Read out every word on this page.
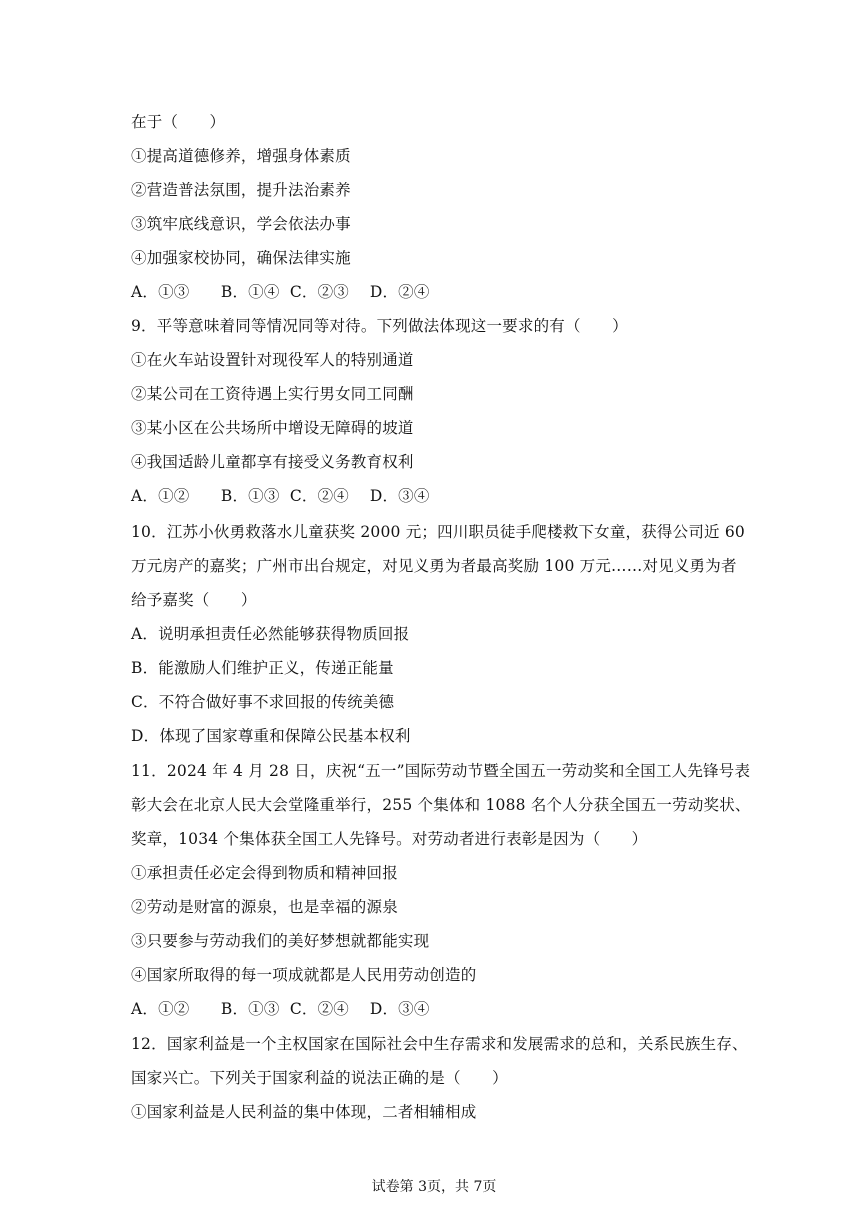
在于（　　）
①提高道德修养，增强身体素质
②营造普法氛围，提升法治素养
③筑牢底线意识，学会依法办事
④加强家校协同，确保法律实施
A．①③　　B．①④  C．②③　 D．②④
9．平等意味着同等情况同等对待。下列做法体现这一要求的有（　　）
①在火车站设置针对现役军人的特别通道
②某公司在工资待遇上实行男女同工同酬
③某小区在公共场所中增设无障碍的坡道
④我国适龄儿童都享有接受义务教育权利
A．①②　　B．①③  C．②④　 D．③④
10．江苏小伙勇救落水儿童获奖 2000 元；四川职员徒手爬楼救下女童，获得公司近 60
万元房产的嘉奖；广州市出台规定，对见义勇为者最高奖励 100 万元……对见义勇为者
给予嘉奖（　　）
A．说明承担责任必然能够获得物质回报
B．能激励人们维护正义，传递正能量
C．不符合做好事不求回报的传统美德
D．体现了国家尊重和保障公民基本权利
11．2024 年 4 月 28 日，庆祝“五一”国际劳动节暨全国五一劳动奖和全国工人先锋号表
彰大会在北京人民大会堂隆重举行，255 个集体和 1088 名个人分获全国五一劳动奖状、
奖章，1034 个集体获全国工人先锋号。对劳动者进行表彰是因为（　　）
①承担责任必定会得到物质和精神回报
②劳动是财富的源泉，也是幸福的源泉
③只要参与劳动我们的美好梦想就都能实现
④国家所取得的每一项成就都是人民用劳动创造的
A．①②　　B．①③  C．②④　 D．③④
12．国家利益是一个主权国家在国际社会中生存需求和发展需求的总和，关系民族生存、
国家兴亡。下列关于国家利益的说法正确的是（　　）
①国家利益是人民利益的集中体现，二者相辅相成
试卷第 3页，共 7页
